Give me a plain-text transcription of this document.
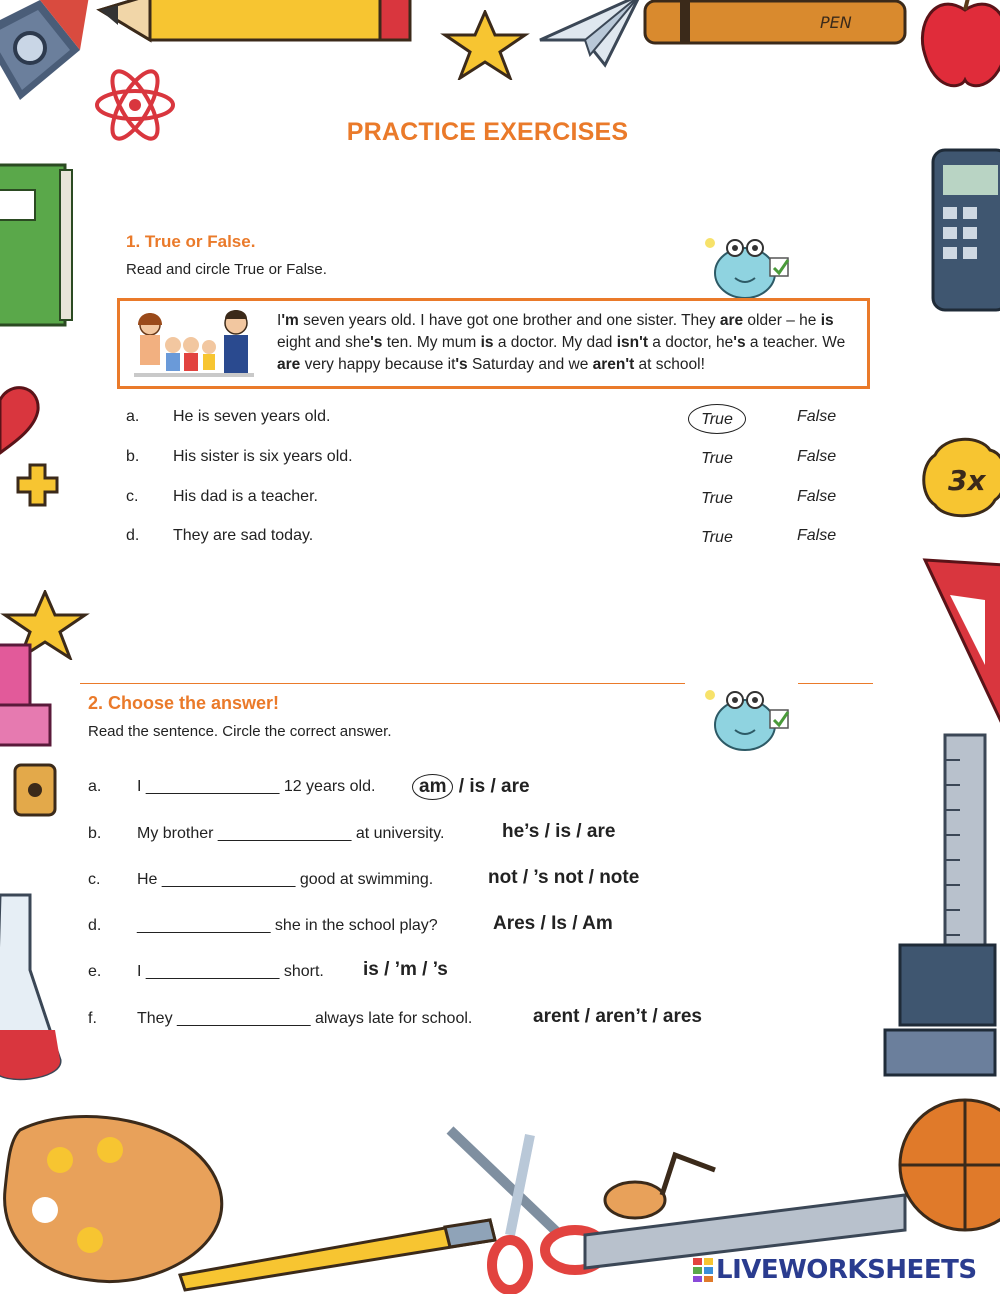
PEN
3x
PRACTICE EXERCISES
1. True or False.
Read and circle True or False.
I'm seven years old. I have got one brother and one sister. They are older – he is eight and she's ten. My mum is a doctor. My dad isn't a doctor, he's a teacher. We are very happy because it's Saturday and we aren't at school!
a. He is seven years old.	True	False
b. His sister is six years old.	True	False
c. His dad is a teacher.	True	False
d. They are sad today.	True	False
2. Choose the answer!
Read the sentence. Circle the correct answer.
a. I _______________ 12 years old.	am / is / are
b. My brother _______________ at university.	he’s / is / are
c. He _______________ good at swimming.	not / ’s not / note
d. _______________ she in the school play?	Ares / Is / Am
e. I _______________ short. is / ’m / ’s
f.	They _______________ always late for school.	arent / aren’t / ares
LIVEWORKSHEETS
